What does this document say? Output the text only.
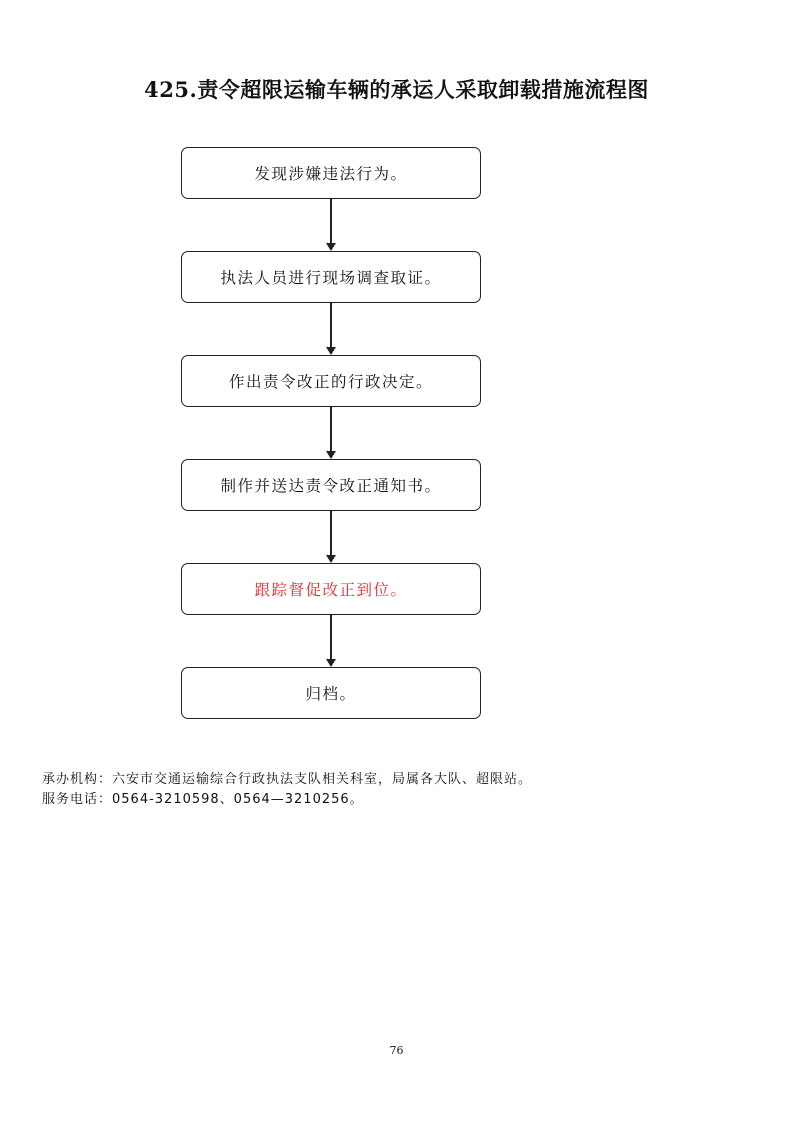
425.责令超限运输车辆的承运人采取卸载措施流程图
发现涉嫌违法行为。
执法人员进行现场调查取证。
作出责令改正的行政决定。
制作并送达责令改正通知书。
跟踪督促改正到位。
归档。
承办机构：六安市交通运输综合行政执法支队相关科室，局属各大队、超限站。
服务电话：0564-3210598、0564—3210256。
76
